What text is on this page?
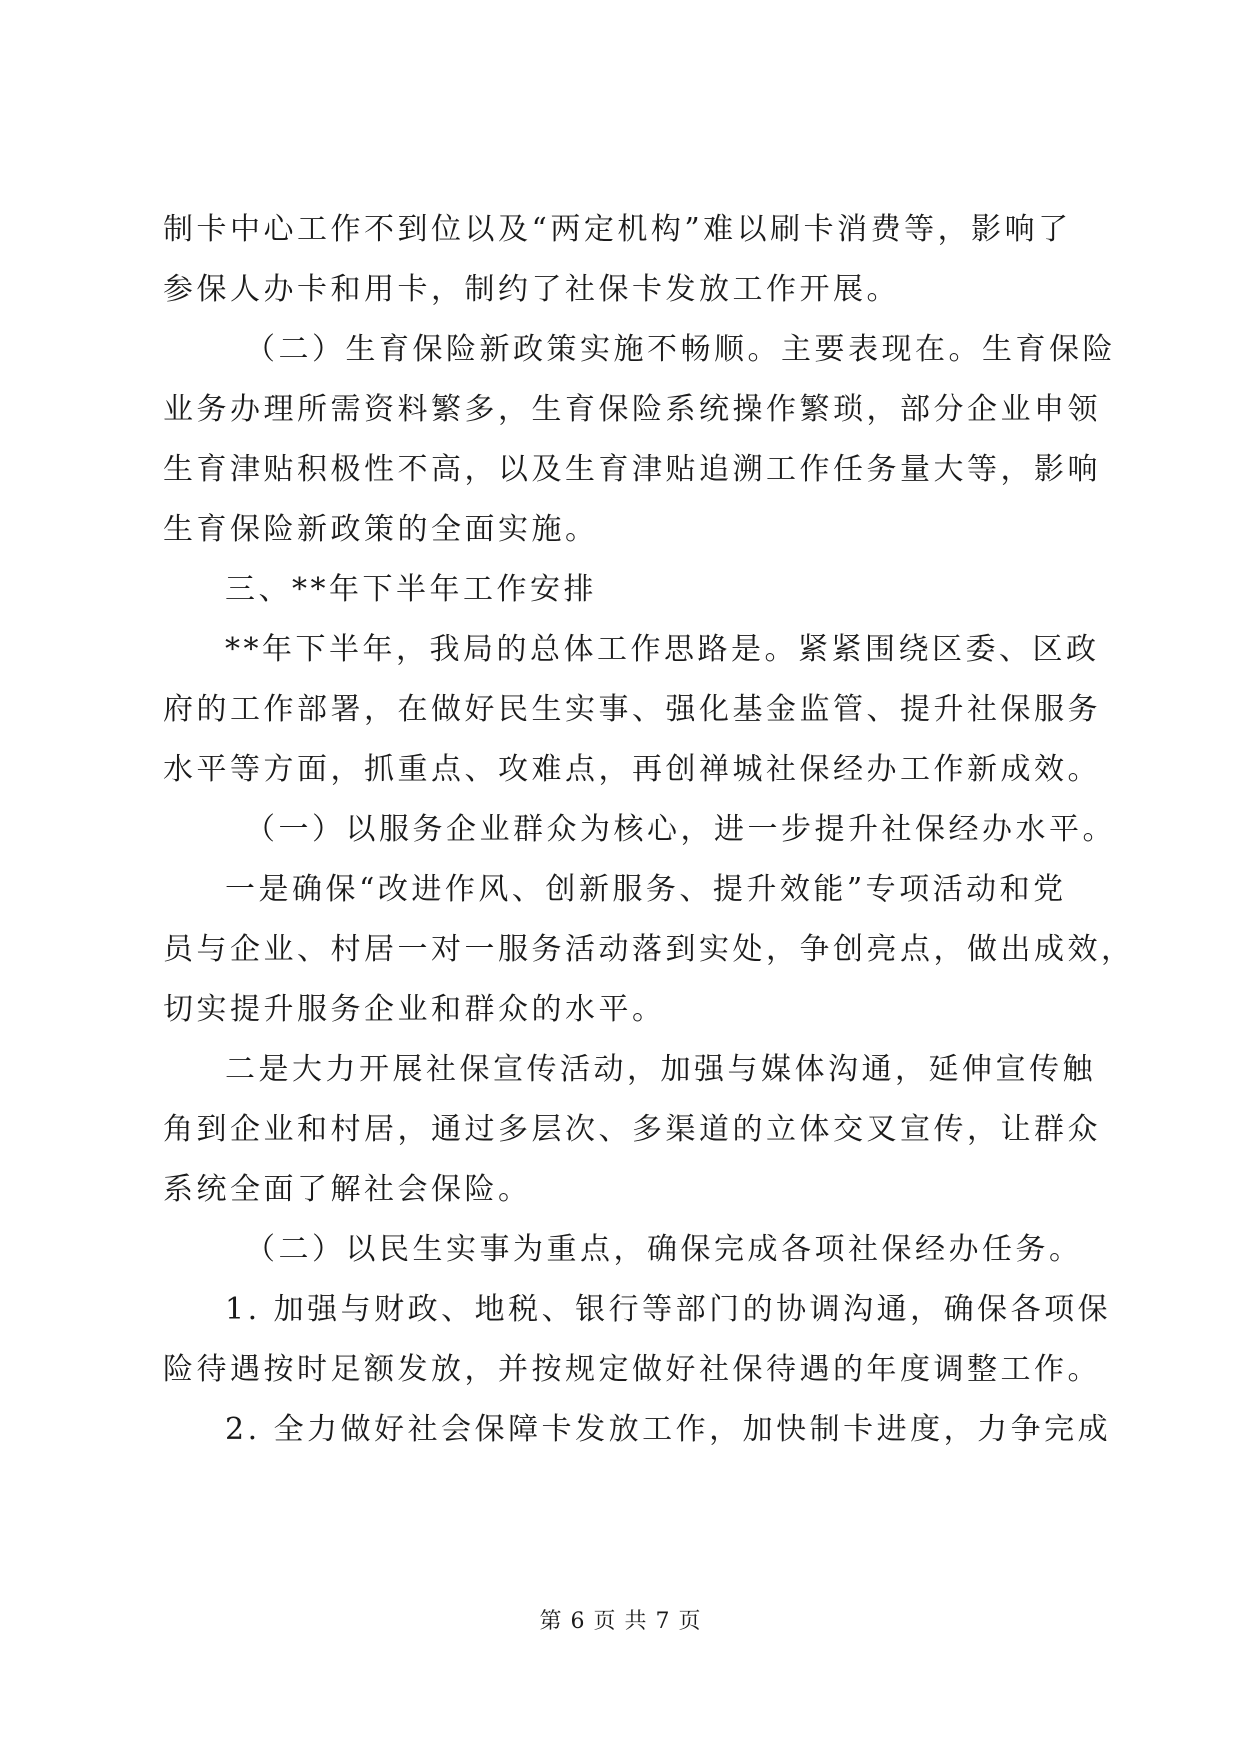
制卡中心工作不到位以及“两定机构”难以刷卡消费等，影响了
参保人办卡和用卡，制约了社保卡发放工作开展。
（二）生育保险新政策实施不畅顺。主要表现在。生育保险
业务办理所需资料繁多，生育保险系统操作繁琐，部分企业申领
生育津贴积极性不高，以及生育津贴追溯工作任务量大等，影响
生育保险新政策的全面实施。
三、**年下半年工作安排
**年下半年，我局的总体工作思路是。紧紧围绕区委、区政
府的工作部署，在做好民生实事、强化基金监管、提升社保服务
水平等方面，抓重点、攻难点，再创禅城社保经办工作新成效。
（一）以服务企业群众为核心，进一步提升社保经办水平。
一是确保“改进作风、创新服务、提升效能”专项活动和党
员与企业、村居一对一服务活动落到实处，争创亮点，做出成效，
切实提升服务企业和群众的水平。
二是大力开展社保宣传活动，加强与媒体沟通，延伸宣传触
角到企业和村居，通过多层次、多渠道的立体交叉宣传，让群众
系统全面了解社会保险。
（二）以民生实事为重点，确保完成各项社保经办任务。
1. 加强与财政、地税、银行等部门的协调沟通，确保各项保
险待遇按时足额发放，并按规定做好社保待遇的年度调整工作。
2. 全力做好社会保障卡发放工作，加快制卡进度，力争完成
第 6 页 共 7 页
